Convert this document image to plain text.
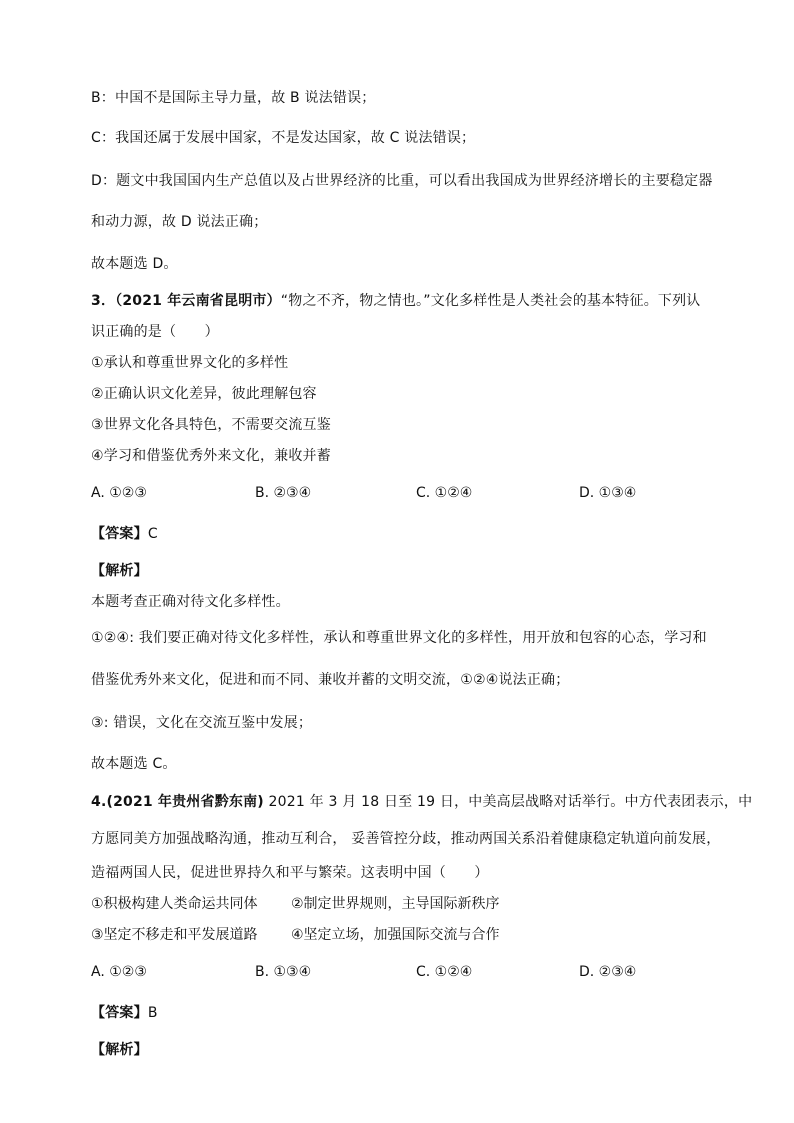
B：中国不是国际主导力量，故 B 说法错误；
C：我国还属于发展中国家，不是发达国家，故 C 说法错误；
D：题文中我国国内生产总值以及占世界经济的比重，可以看出我国成为世界经济增长的主要稳定器
和动力源，故 D 说法正确；
故本题选 D。
3．（2021 年云南省昆明市）“物之不齐，物之情也。”文化多样性是人类社会的基本特征。下列认
识正确的是（　　）
①承认和尊重世界文化的多样性
②正确认识文化差异，彼此理解包容
③世界文化各具特色，不需要交流互鉴
④学习和借鉴优秀外来文化，兼收并蓄
A. ①②③	B. ②③④	C. ①②④	D. ①③④
【答案】C
【解析】
本题考查正确对待文化多样性。
①②④: 我们要正确对待文化多样性，承认和尊重世界文化的多样性，用开放和包容的心态，学习和
借鉴优秀外来文化，促进和而不同、兼收并蓄的文明交流，①②④说法正确；
③: 错误，文化在交流互鉴中发展；
故本题选 C。
4.(2021 年贵州省黔东南) 2021 年 3 月 18 日至 19 日，中美高层战略对话举行。中方代表团表示，中
方愿同美方加强战略沟通，推动互利合， 妥善管控分歧，推动两国关系沿着健康稳定轨道向前发展，
造福两国人民，促进世界持久和平与繁荣。这表明中国（　　）
①积极构建人类命运共同体 ②制定世界规则，主导国际新秩序
③坚定不移走和平发展道路 ④坚定立场，加强国际交流与合作
A. ①②③	B. ①③④	C. ①②④	D. ②③④
【答案】B
【解析】
